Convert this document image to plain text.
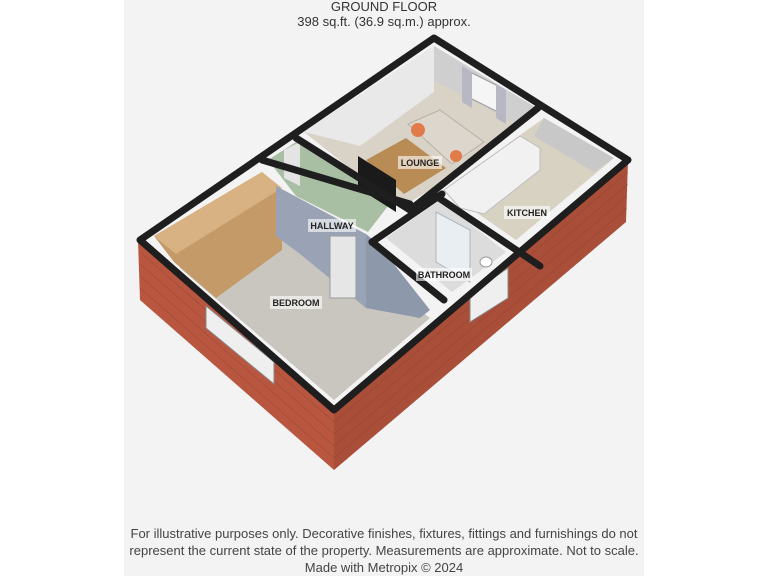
GROUND FLOOR
398 sq.ft. (36.9 sq.m.) approx.
LOUNGE
KITCHEN
HALLWAY
BATHROOM
BEDROOM
For illustrative purposes only. Decorative finishes, fixtures, fittings and furnishings do not
represent the current state of the property. Measurements are approximate. Not to scale.
Made with Metropix © 2024
